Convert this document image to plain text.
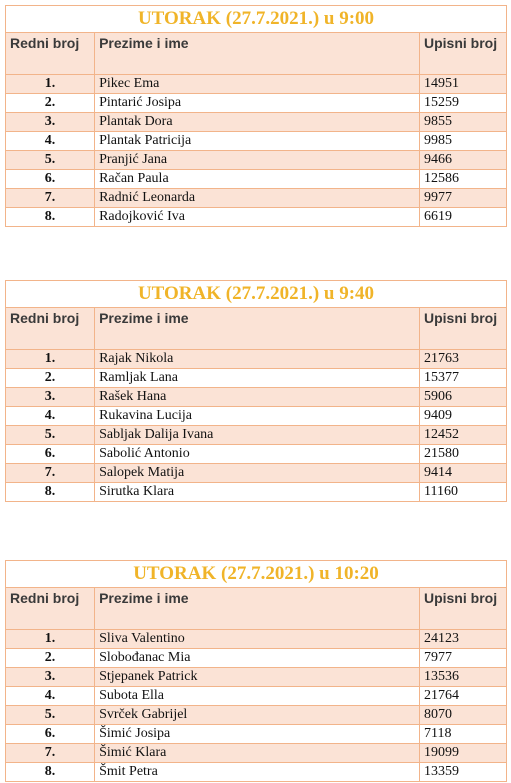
UTORAK (27.7.2021.) u 9:00		
Redni broj	Prezime i ime	Upisni broj
1.	Pikec Ema	14951
2.	Pintarić Josipa	15259
3.	Plantak Dora	9855
4.	Plantak Patricija	9985
5.	Pranjić Jana	9466
6.	Račan Paula	12586
7.	Radnić Leonarda	9977
8.	Radojković Iva	6619
UTORAK (27.7.2021.) u 9:40		
Redni broj	Prezime i ime	Upisni broj
1.	Rajak Nikola	21763
2.	Ramljak Lana	15377
3.	Rašek Hana	5906
4.	Rukavina Lucija	9409
5.	Sabljak Dalija Ivana	12452
6.	Sabolić Antonio	21580
7.	Salopek Matija	9414
8.	Sirutka Klara	11160
UTORAK (27.7.2021.) u 10:20		
Redni broj	Prezime i ime	Upisni broj
1.	Sliva Valentino	24123
2.	Slobođanac Mia	7977
3.	Stjepanek Patrick	13536
4.	Subota Ella	21764
5.	Svrček Gabrijel	8070
6.	Šimić Josipa	7118
7.	Šimić Klara	19099
8.	Šmit Petra	13359
